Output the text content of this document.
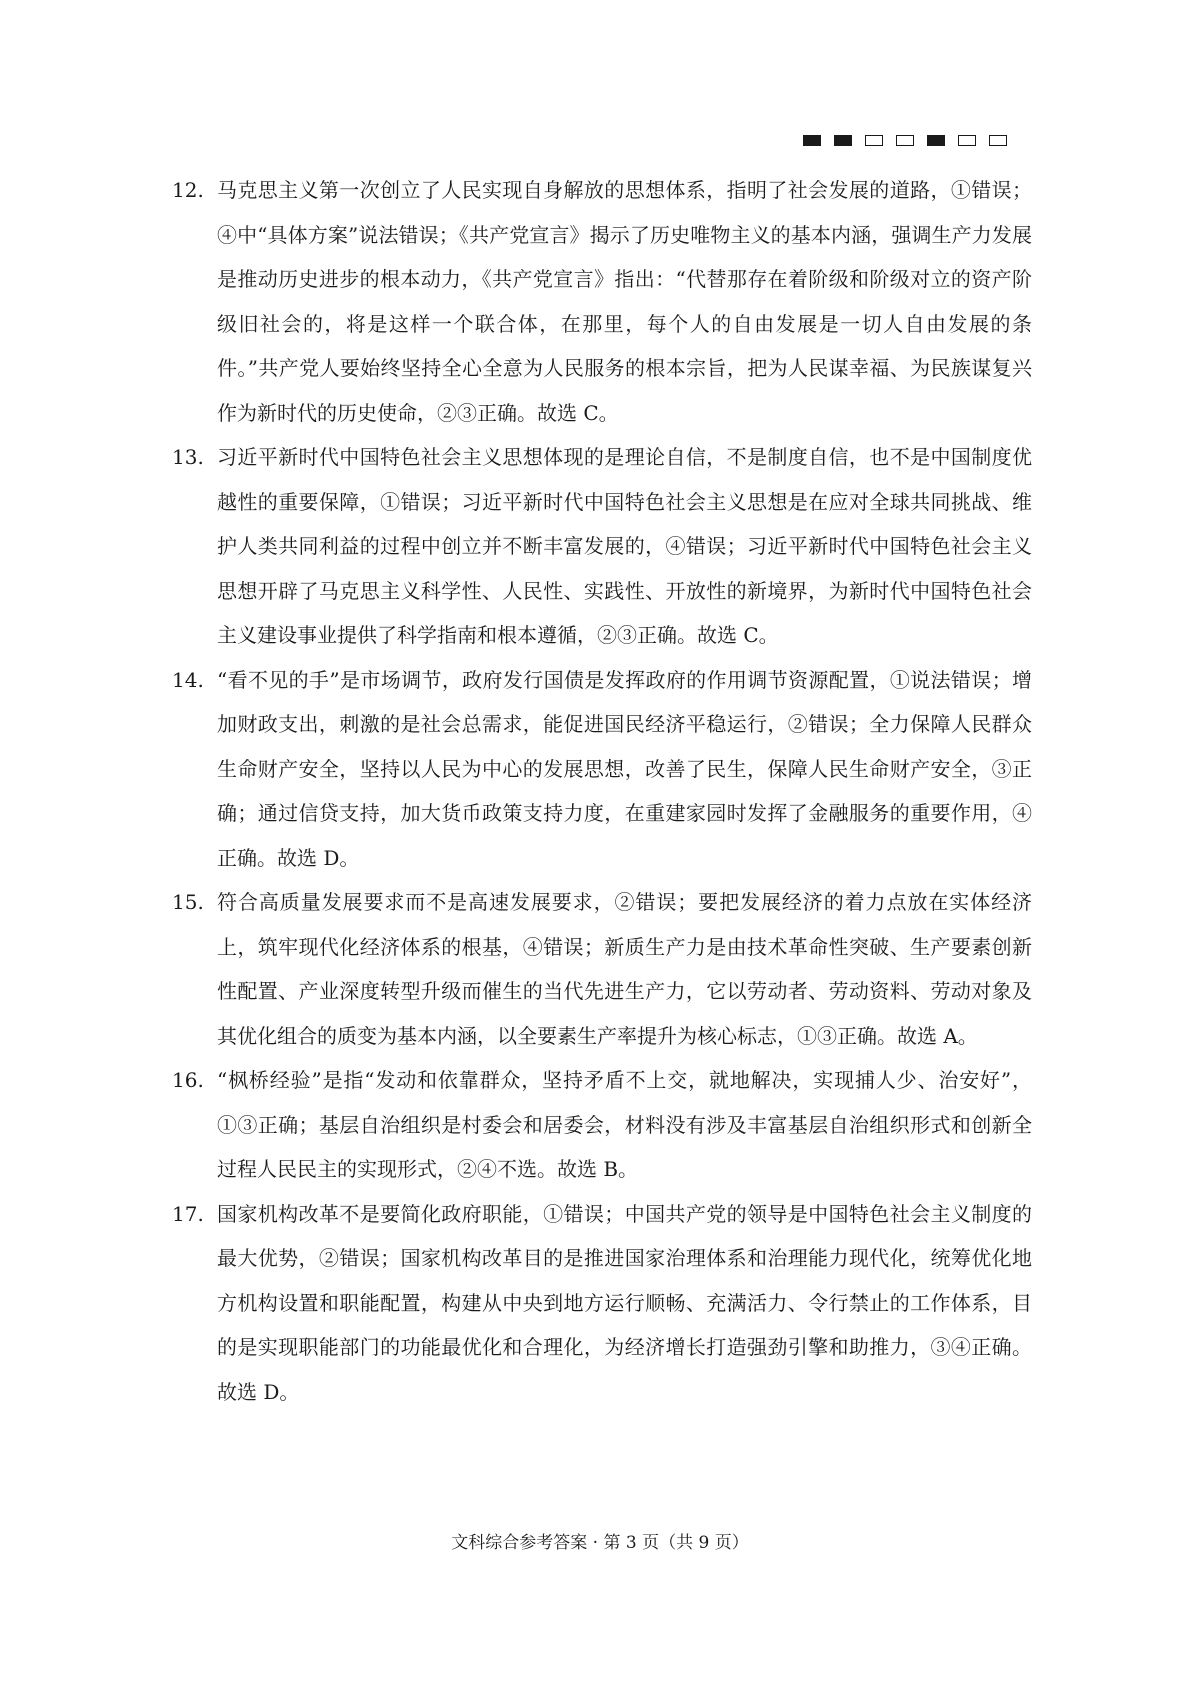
12. 马克思主义第一次创立了人民实现自身解放的思想体系，指明了社会发展的道路，①错误；④中“具体方案”说法错误；《共产党宣言》揭示了历史唯物主义的基本内涵，强调生产力发展是推动历史进步的根本动力，《共产党宣言》指出：“代替那存在着阶级和阶级对立的资产阶级旧社会的，将是这样一个联合体，在那里，每个人的自由发展是一切人自由发展的条件。”共产党人要始终坚持全心全意为人民服务的根本宗旨，把为人民谋幸福、为民族谋复兴作为新时代的历史使命，②③正确。故选 C。
13. 习近平新时代中国特色社会主义思想体现的是理论自信，不是制度自信，也不是中国制度优越性的重要保障，①错误；习近平新时代中国特色社会主义思想是在应对全球共同挑战、维护人类共同利益的过程中创立并不断丰富发展的，④错误；习近平新时代中国特色社会主义思想开辟了马克思主义科学性、人民性、实践性、开放性的新境界，为新时代中国特色社会主义建设事业提供了科学指南和根本遵循，②③正确。故选 C。
14. “看不见的手”是市场调节，政府发行国债是发挥政府的作用调节资源配置，①说法错误；增加财政支出，刺激的是社会总需求，能促进国民经济平稳运行，②错误；全力保障人民群众生命财产安全，坚持以人民为中心的发展思想，改善了民生，保障人民生命财产安全，③正确；通过信贷支持，加大货币政策支持力度，在重建家园时发挥了金融服务的重要作用，④正确。故选 D。
15. 符合高质量发展要求而不是高速发展要求，②错误；要把发展经济的着力点放在实体经济上，筑牢现代化经济体系的根基，④错误；新质生产力是由技术革命性突破、生产要素创新性配置、产业深度转型升级而催生的当代先进生产力，它以劳动者、劳动资料、劳动对象及其优化组合的质变为基本内涵，以全要素生产率提升为核心标志，①③正确。故选 A。
16. “枫桥经验”是指“发动和依靠群众，坚持矛盾不上交，就地解决，实现捕人少、治安好”，①③正确；基层自治组织是村委会和居委会，材料没有涉及丰富基层自治组织形式和创新全过程人民民主的实现形式，②④不选。故选 B。
17. 国家机构改革不是要简化政府职能，①错误；中国共产党的领导是中国特色社会主义制度的最大优势，②错误；国家机构改革目的是推进国家治理体系和治理能力现代化，统筹优化地方机构设置和职能配置，构建从中央到地方运行顺畅、充满活力、令行禁止的工作体系，目的是实现职能部门的功能最优化和合理化，为经济增长打造强劲引擎和助推力，③④正确。故选 D。
文科综合参考答案 · 第 3 页（共 9 页）
